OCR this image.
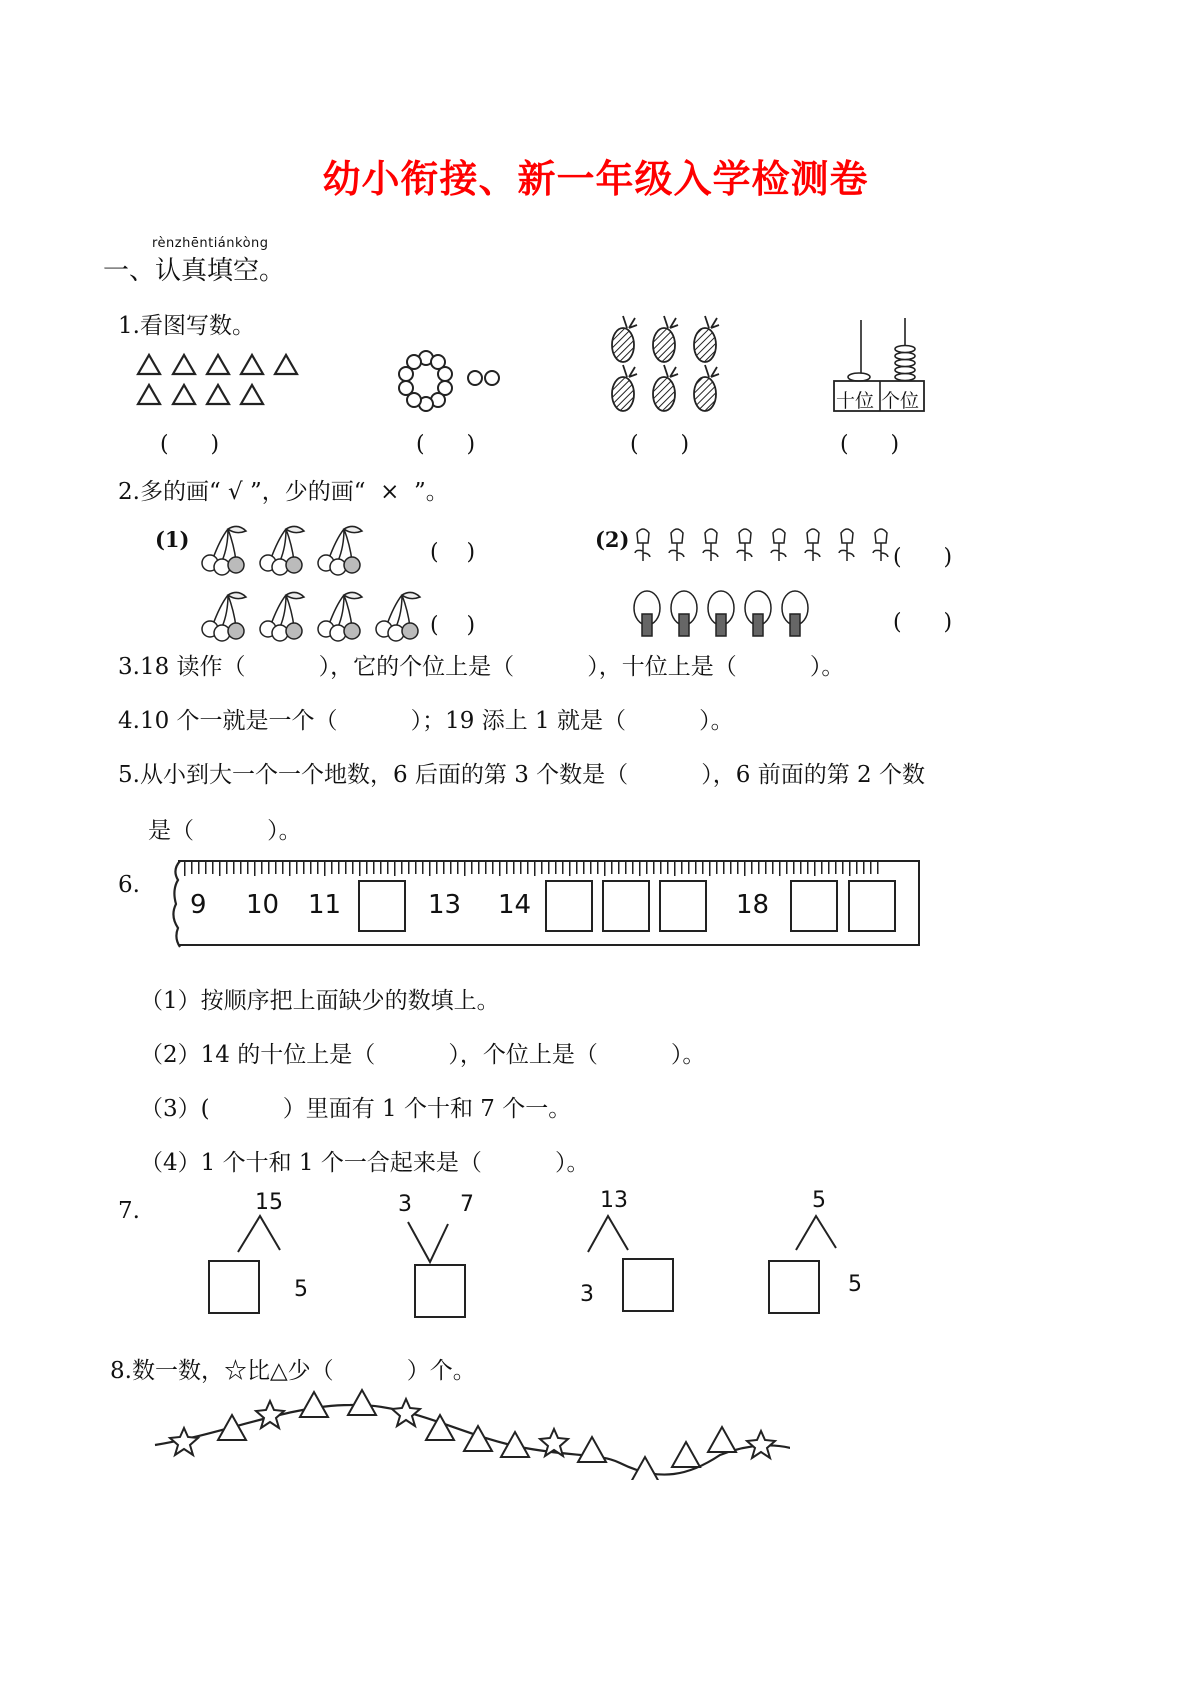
幼小衔接、新一年级入学检测卷
rènzhēntiánkòng
一、认真填空。
1.看图写数。
十位 个位
(      )	(      )	(      )	(      )
2.多的画“ √ ”，少的画“  ×  ”。
(1)
(    )
(    )
(2)
(      )
(      )
3.18 读作（          ），它的个位上是（          ），十位上是（          ）。
4.10 个一就是一个（          ）；19 添上 1 就是（          ）。
5.从小到大一个一个地数，6 后面的第 3 个数是（          ），6 前面的第 2 个数
是（          ）。
6.
9 10 11	13 14	18
（1）按顺序把上面缺少的数填上。
（2）14 的十位上是（          ），个位上是（          ）。
（3）(          ）里面有 1 个十和 7 个一。
（4）1 个十和 1 个一合起来是（          ）。
7.	15
5
3 7	13
3
5
5
8.数一数，☆比△少（          ）个。
